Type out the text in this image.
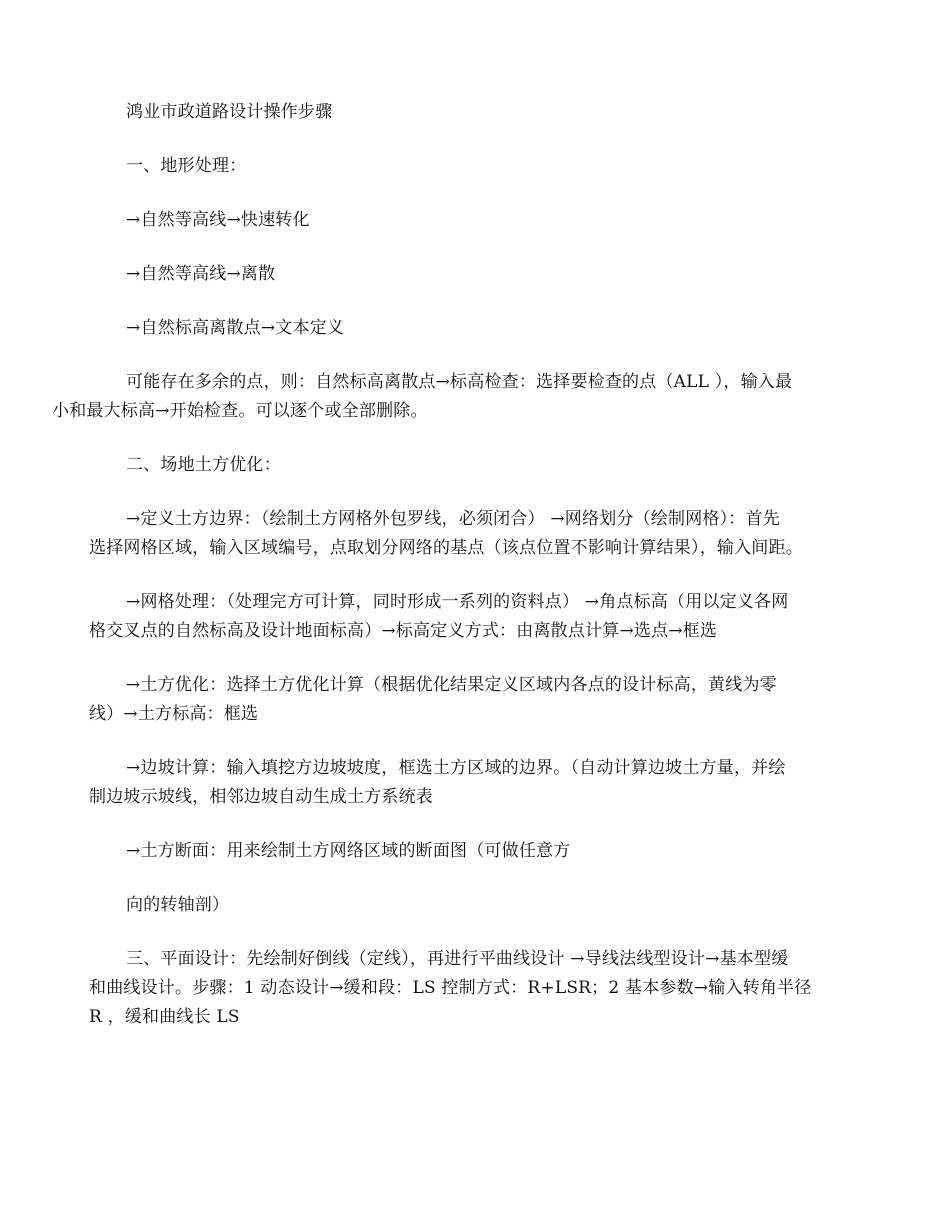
鸿业市政道路设计操作步骤

一、地形处理：

→自然等高线→快速转化

→自然等高线→离散

→自然标高离散点→文本定义

可能存在多余的点，则：自然标高离散点→标高检查：选择要检查的点（ALL ），输入最
小和最大标高→开始检查。可以逐个或全部删除。

二、场地土方优化：

→定义土方边界：（绘制土方网格外包罗线，必须闭合） →网络划分（绘制网格）：首先
选择网格区域，输入区域编号，点取划分网络的基点（该点位置不影响计算结果），输入间距。

→网格处理：（处理完方可计算，同时形成一系列的资料点） →角点标高（用以定义各网
格交叉点的自然标高及设计地面标高）→标高定义方式：由离散点计算→选点→框选

→土方优化：选择土方优化计算（根据优化结果定义区域内各点的设计标高，黄线为零
线）→土方标高：框选

→边坡计算：输入填挖方边坡坡度，框选土方区域的边界。（自动计算边坡土方量，并绘
制边坡示坡线，相邻边坡自动生成土方系统表

→土方断面：用来绘制土方网络区域的断面图（可做任意方

向的转轴剖）

三、平面设计：先绘制好倒线（定线），再进行平曲线设计 →导线法线型设计→基本型缓
和曲线设计。步骤：1 动态设计→缓和段：LS 控制方式：R+LSR；2 基本参数→输入转角半径
R ，缓和曲线长 LS
